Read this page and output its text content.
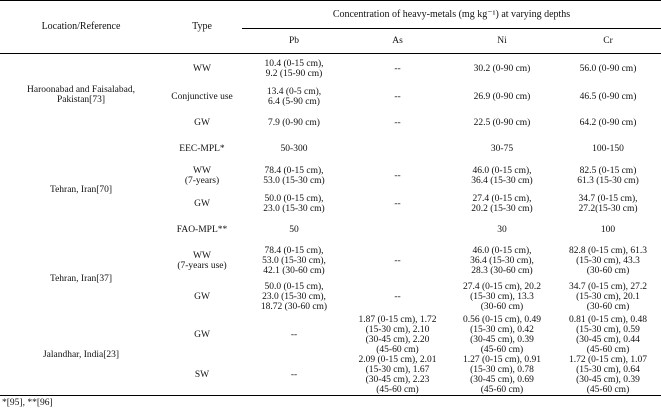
Location/Reference	Type	Concentration of heavy-metals (mg kg⁻¹) at varying depths			
		Pb	As	Ni	Cr
Haroonabad and Faisalabad, Pakistan[73]	WW	10.4 (0-15 cm),
9.2 (15-90 cm)	--	30.2 (0-90 cm)	56.0 (0-90 cm)

	Conjunctive use	13.4 (0-5 cm),
6.4 (5-90 cm)	--	26.9 (0-90 cm)	46.5 (0-90 cm)

	GW	7.9 (0-90 cm)	--	22.5 (0-90 cm)	64.2 (0-90 cm)

	EEC-MPL*	50-300		30-75	100-150

Tehran, Iran[70]	WW
(7-years)	78.4 (0-15 cm),
53.0 (15-30 cm)	--	46.0 (0-15 cm),
36.4 (15-30 cm)	82.5 (0-15 cm)
61.3 (15-30 cm)

	GW	50.0 (0-15 cm),
23.0 (15-30 cm)	--	27.4 (0-15 cm),
20.2 (15-30 cm)	34.7 (0-15 cm),
27.2(15-30 cm)

	FAO-MPL**	50		30	100

Tehran, Iran[37]	WW
(7-years use)	78.4 (0-15 cm),
53.0 (15-30 cm),
42.1 (30-60 cm)	--	46.0 (0-15 cm),
36.4 (15-30 cm),
28.3 (30-60 cm)	82.8 (0-15 cm), 61.3
(15-30 cm), 43.3
(30-60 cm)

	GW	50.0 (0-15 cm),
23.0 (15-30 cm),
18.72 (30-60 cm)	--	27.4 (0-15 cm), 20.2
(15-30 cm), 13.3
(30-60 cm)	34.7 (0-15 cm), 27.2
(15-30 cm), 20.1
(30-60 cm)

Jalandhar, India[23]	GW	--	1.87 (0-15 cm), 1.72
(15-30 cm), 2.10
(30-45 cm), 2.20
(45-60 cm)	0.56 (0-15 cm), 0.49
(15-30 cm), 0.42
(30-45 cm), 0.39
(45-60 cm)	0.81 (0-15 cm), 0.48
(15-30 cm), 0.59
(30-45 cm), 0.44
(45-60 cm)

	SW	--	2.09 (0-15 cm), 2.01
(15-30 cm), 1.67
(30-45 cm), 2.23
(45-60 cm)	1.27 (0-15 cm), 0.91
(15-30 cm), 0.78
(30-45 cm), 0.69
(45-60 cm)	1.72 (0-15 cm), 1.07
(15-30 cm), 0.64
(30-45 cm), 0.39
(45-60 cm)
*[95], **[96]
